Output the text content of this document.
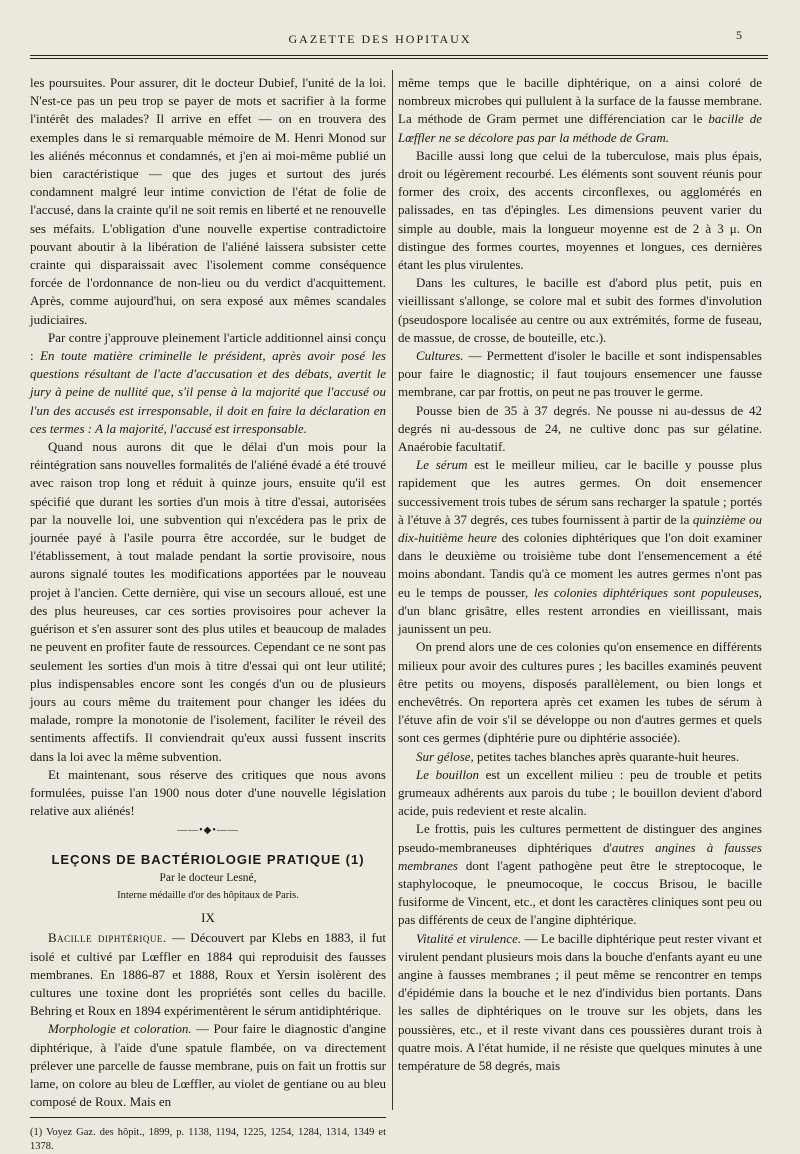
GAZETTE DES HOPITAUX	5

les poursuites. Pour assurer, dit le docteur Dubief, l'unité de la loi. N'est-ce pas un peu trop se payer de mots et sacrifier à la forme l'intérêt des malades? Il arrive en effet — on en trouvera des exemples dans le si remarquable mémoire de M. Henri Monod sur les aliénés méconnus et condamnés, et j'en ai moi-même publié un bien caractéristique — que des juges et surtout des jurés condamnent malgré leur intime conviction de l'état de folie de l'accusé, dans la crainte qu'il ne soit remis en liberté et ne renouvelle ses méfaits. L'obligation d'une nouvelle expertise contradictoire pouvant aboutir à la libération de l'aliéné laissera subsister cette crainte qui disparaissait avec l'isolement comme conséquence forcée de l'ordonnance de non-lieu ou du verdict d'acquittement. Après, comme aujourd'hui, on sera exposé aux mêmes scandales judiciaires.

Par contre j'approuve pleinement l'article additionnel ainsi conçu : En toute matière criminelle le président, après avoir posé les questions résultant de l'acte d'accusation et des débats, avertit le jury à peine de nullité que, s'il pense à la majorité que l'accusé ou l'un des accusés est irresponsable, il doit en faire la déclaration en ces termes : A la majorité, l'accusé est irresponsable.

Quand nous aurons dit que le délai d'un mois pour la réintégration sans nouvelles formalités de l'aliéné évadé a été trouvé avec raison trop long et réduit à quinze jours, ensuite qu'il est spécifié que durant les sorties d'un mois à titre d'essai, autorisées par la nouvelle loi, une subvention qui n'excédera pas le prix de journée payé à l'asile pourra être accordée, sur le budget de l'établissement, à tout malade pendant la sortie provisoire, nous aurons signalé toutes les modifications apportées par le nouveau projet à l'ancien. Cette dernière, qui vise un secours alloué, est une des plus heureuses, car ces sorties provisoires pour achever la guérison et s'en assurer sont des plus utiles et beaucoup de malades ne peuvent en profiter faute de ressources. Cependant ce ne sont pas seulement les sorties d'un mois à titre d'essai qui ont leur utilité; plus indispensables encore sont les congés d'un ou de plusieurs jours au cours même du traitement pour changer les idées du malade, rompre la monotonie de l'isolement, faciliter le réveil des sentiments affectifs. Il conviendrait qu'eux aussi fussent inscrits dans la loi avec la même subvention.

Et maintenant, sous réserve des critiques que nous avons formulées, puisse l'an 1900 nous doter d'une nouvelle législation relative aux aliénés!

——•◆•——
LEÇONS DE BACTÉRIOLOGIE PRATIQUE (1)
Par le docteur Lesné,
Interne médaille d'or des hôpitaux de Paris.
IX

Bacille diphtérique. — Découvert par Klebs en 1883, il fut isolé et cultivé par Lœffler en 1884 qui reproduisit des fausses membranes. En 1886-87 et 1888, Roux et Yersin isolèrent des cultures une toxine dont les propriétés sont celles du bacille. Behring et Roux en 1894 expérimentèrent le sérum antidiphtérique.

Morphologie et coloration. — Pour faire le diagnostic d'angine diphtérique, à l'aide d'une spatule flambée, on va directement prélever une parcelle de fausse membrane, puis on fait un frottis sur lame, on colore au bleu de Lœffler, au violet de gentiane ou au bleu composé de Roux. Mais en

(1) Voyez Gaz. des hôpit., 1899, p. 1138, 1194, 1225, 1254, 1284, 1314, 1349 et 1378.

même temps que le bacille diphtérique, on a ainsi coloré de nombreux microbes qui pullulent à la surface de la fausse membrane. La méthode de Gram permet une différenciation car le bacille de Lœffler ne se décolore pas par la méthode de Gram.

Bacille aussi long que celui de la tuberculose, mais plus épais, droit ou légèrement recourbé. Les éléments sont souvent réunis pour former des croix, des accents circonflexes, ou agglomérés en palissades, en tas d'épingles. Les dimensions peuvent varier du simple au double, mais la longueur moyenne est de 2 à 3 μ. On distingue des formes courtes, moyennes et longues, ces dernières étant les plus virulentes.

Dans les cultures, le bacille est d'abord plus petit, puis en vieillissant s'allonge, se colore mal et subit des formes d'involution (pseudospore localisée au centre ou aux extrémités, forme de fuseau, de massue, de crosse, de bouteille, etc.).

Cultures. — Permettent d'isoler le bacille et sont indispensables pour faire le diagnostic; il faut toujours ensemencer une fausse membrane, car par frottis, on peut ne pas trouver le germe.

Pousse bien de 35 à 37 degrés. Ne pousse ni au-dessus de 42 degrés ni au-dessous de 24, ne cultive donc pas sur gélatine. Anaérobie facultatif.

Le sérum est le meilleur milieu, car le bacille y pousse plus rapidement que les autres germes. On doit ensemencer successivement trois tubes de sérum sans recharger la spatule ; portés à l'étuve à 37 degrés, ces tubes fournissent à partir de la quinzième ou dix-huitième heure des colonies diphtériques que l'on doit examiner dans le deuxième ou troisième tube dont l'ensemencement a été moins abondant. Tandis qu'à ce moment les autres germes n'ont pas eu le temps de pousser, les colonies diphtériques sont populeuses, d'un blanc grisâtre, elles restent arrondies en vieillissant, mais jaunissent un peu.

On prend alors une de ces colonies qu'on ensemence en différents milieux pour avoir des cultures pures ; les bacilles examinés peuvent être petits ou moyens, disposés parallèlement, ou bien longs et enchevêtrés. On reportera après cet examen les tubes de sérum à l'étuve afin de voir s'il se développe ou non d'autres germes et quels sont ces germes (diphtérie pure ou diphtérie associée).

Sur gélose, petites taches blanches après quarante-huit heures.

Le bouillon est un excellent milieu : peu de trouble et petits grumeaux adhérents aux parois du tube ; le bouillon devient d'abord acide, puis redevient et reste alcalin.

Le frottis, puis les cultures permettent de distinguer des angines pseudo-membraneuses diphtériques d'autres angines à fausses membranes dont l'agent pathogène peut être le streptocoque, le staphylocoque, le pneumocoque, le coccus Brisou, le bacille fusiforme de Vincent, etc., et dont les caractères cliniques sont peu ou pas différents de ceux de l'angine diphtérique.

Vitalité et virulence. — Le bacille diphtérique peut rester vivant et virulent pendant plusieurs mois dans la bouche d'enfants ayant eu une angine à fausses membranes ; il peut même se rencontrer en temps d'épidémie dans la bouche et le nez d'individus bien portants. Dans les salles de diphtériques on le trouve sur les objets, dans les poussières, etc., et il reste vivant dans ces poussières durant trois à quatre mois. A l'état humide, il ne résiste que quelques minutes à une température de 58 degrés, mais
